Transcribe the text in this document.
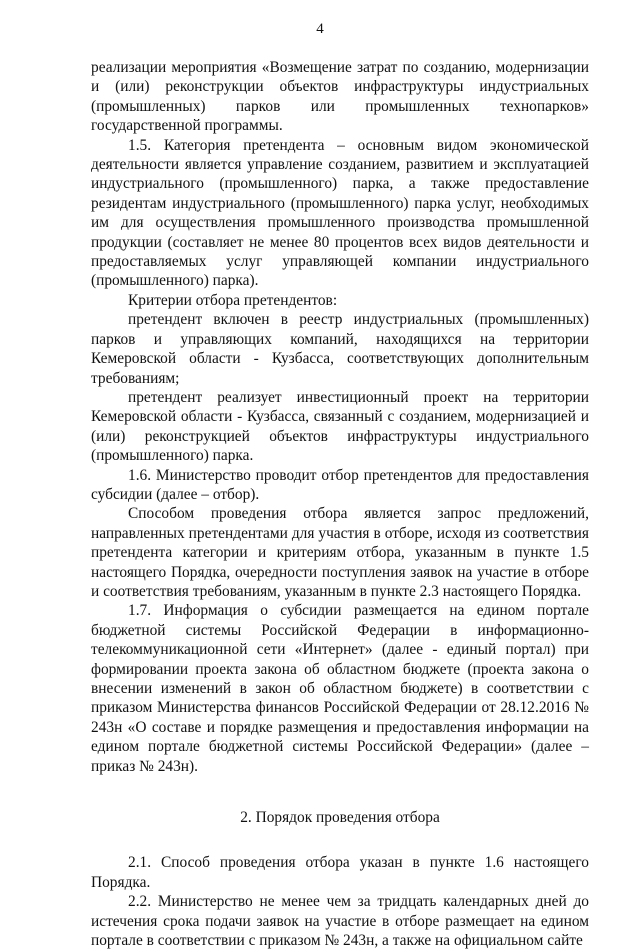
4

реализации мероприятия «Возмещение затрат по созданию, модернизации и (или) реконструкции объектов инфраструктуры индустриальных (промышленных) парков или промышленных технопарков» государственной программы.

1.5. Категория претендента – основным видом экономической деятельности является управление созданием, развитием и эксплуатацией индустриального (промышленного) парка, а также предоставление резидентам индустриального (промышленного) парка услуг, необходимых им для осуществления промышленного производства промышленной продукции (составляет не менее 80 процентов всех видов деятельности и предоставляемых услуг управляющей компании индустриального (промышленного) парка).

Критерии отбора претендентов:

претендент включен в реестр индустриальных (промышленных) парков и управляющих компаний, находящихся на территории Кемеровской области - Кузбасса, соответствующих дополнительным требованиям;

претендент реализует инвестиционный проект на территории Кемеровской области - Кузбасса, связанный с созданием, модернизацией и (или) реконструкцией объектов инфраструктуры индустриального (промышленного) парка.

1.6. Министерство проводит отбор претендентов для предоставления субсидии (далее – отбор).

Способом проведения отбора является запрос предложений, направленных претендентами для участия в отборе, исходя из соответствия претендента категории и критериям отбора, указанным в пункте 1.5 настоящего Порядка, очередности поступления заявок на участие в отборе и соответствия требованиям, указанным в пункте 2.3 настоящего Порядка.

1.7. Информация о субсидии размещается на едином портале бюджетной системы Российской Федерации в информационно-телекоммуникационной сети «Интернет» (далее - единый портал) при формировании проекта закона об областном бюджете (проекта закона о внесении изменений в закон об областном бюджете) в соответствии с приказом Министерства финансов Российской Федерации от 28.12.2016 № 243н «О составе и порядке размещения и предоставления информации на едином портале бюджетной системы Российской Федерации» (далее – приказ № 243н).

2. Порядок проведения отбора

2.1. Способ проведения отбора указан в пункте 1.6 настоящего Порядка.

2.2. Министерство не менее чем за тридцать календарных дней до истечения срока подачи заявок на участие в отборе размещает на едином портале в соответствии с приказом № 243н, а также на официальном сайте
